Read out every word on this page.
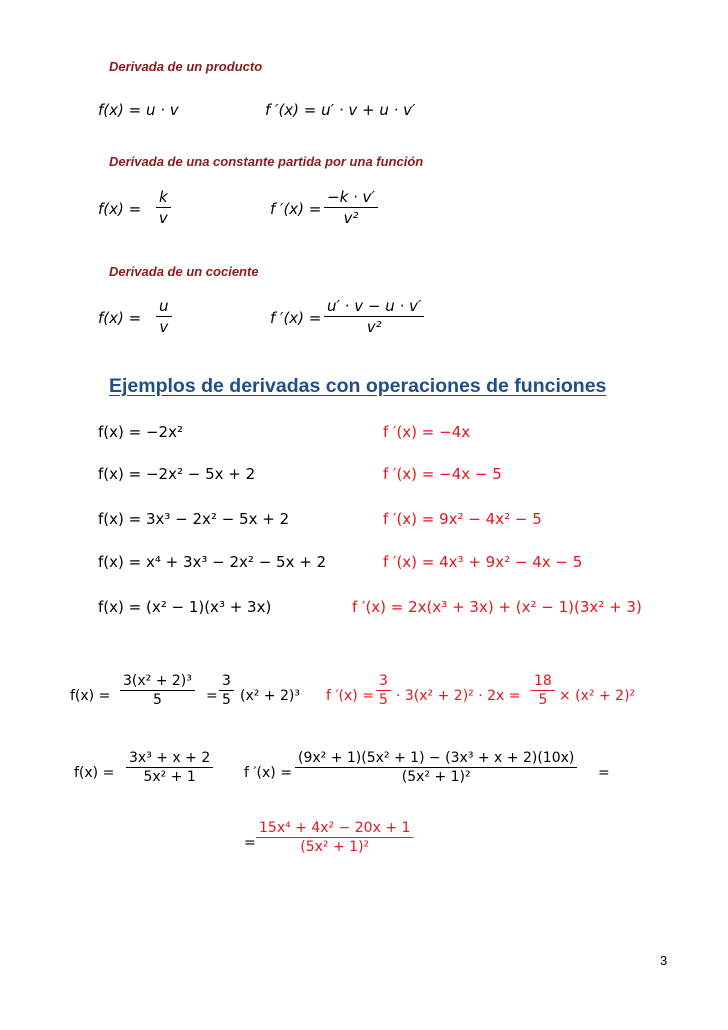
Derivada de un producto
f(x) = u · v	f ′(x) = u′ · v + u · v′
Derivada de una constante partida por una función
f(x) =
k
v	f ′(x) =
−k · v′
v²
Derivada de un cociente
f(x) =
u
v	f ′(x) =
u′ · v − u · v′
v²
Ejemplos de derivadas con operaciones de funciones
f(x) = −2x²	f ′(x) = −4x
f(x) = −2x² − 5x + 2	f ′(x) = −4x − 5
f(x) = 3x³ − 2x² − 5x + 2	f ′(x) = 9x² − 4x² − 5
f(x) = x⁴ + 3x³ − 2x² − 5x + 2	f ′(x) = 4x³ + 9x² − 4x − 5
f(x) = (x² − 1)(x³ + 3x)	f ′(x) = 2x(x³ + 3x) + (x² − 1)(3x² + 3)
f(x) =
3(x² + 2)³
5	=
3
5 (x² + 2)³ f ′(x) =
3
5 · 3(x² + 2)² · 2x =
18
5 × (x² + 2)²
f(x) =
3x³ + x + 2
5x² + 1	f ′(x) =
(9x² + 1)(5x² + 1) − (3x³ + x + 2)(10x)
(5x² + 1)²	=
=
15x⁴ + 4x² − 20x + 1
(5x² + 1)²
3
